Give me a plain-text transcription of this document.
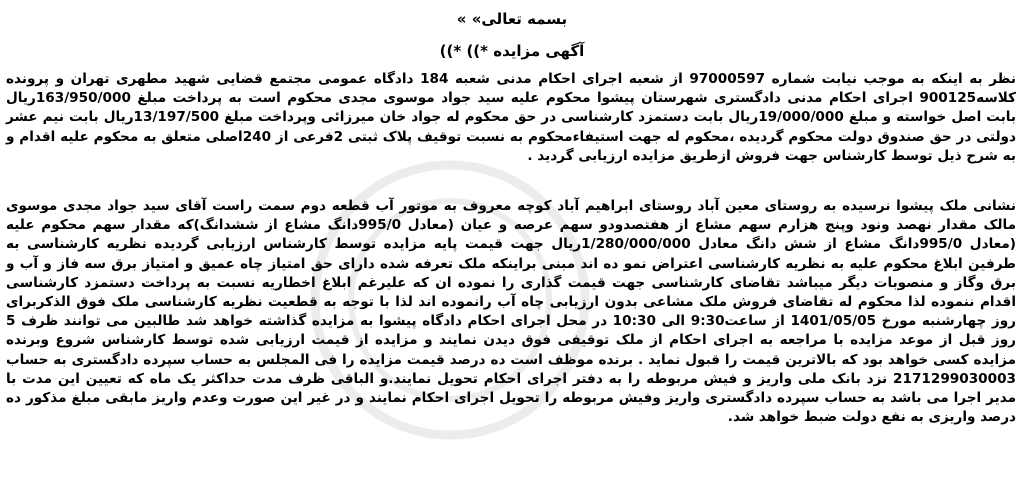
بسمه تعالی» »
آگهی مزایده *)) *))

نظر به اینکه به موجب نیابت شماره 97000597 از شعبه اجرای احکام مدنی شعبه 184 دادگاه عمومی مجتمع قضایی شهید مطهری تهران و پرونده کلاسه900125 اجرای احکام مدنی دادگستری شهرستان پیشوا محکوم علیه سید جواد موسوی مجدی محکوم است به پرداخت مبلغ 163/950/000ریال بابت اصل خواسته و مبلغ 19/000/000ریال بابت دستمزد کارشناسی در حق محکوم له جواد خان میرزائی وپرداخت مبلغ 13/197/500ریال بابت نیم عشر دولتی در حق صندوق دولت محکوم گردیده ،محکوم له جهت استیفاءمحکوم به نسبت توقیف پلاک ثبتی 2فرعی از 240اصلی متعلق به محکوم علیه اقدام و به شرح ذیل توسط کارشناس جهت فروش ازطریق مزایده ارزیابی گردید .

نشانی ملک پیشوا نرسیده به روستای معین آباد روستای ابراهیم آباد کوچه معروف به موتور آب قطعه دوم سمت راست آقای سید جواد مجدی موسوی مالک مقدار نهصد ونود وپنج هزارم سهم مشاع از هفتصدودو سهم عرصه و عیان (معادل 995/0دانگ مشاع از ششدانگ)که مقدار سهم محکوم علیه (معادل 995/0دانگ مشاع از شش دانگ معادل 1/280/000/000ریال جهت قیمت پایه مزایده توسط کارشناس ارزیابی گردیده نظریه کارشناسی به طرفین ابلاغ محکوم علیه به نظریه کارشناسی اعتراض نمو ده اند مبنی براینکه ملک تعرفه شده دارای حق امتیاز چاه عمیق و امتیاز برق سه فاز و آب و برق وگاز و منصوبات دیگر میباشد تقاضای کارشناسی جهت قیمت گذاری را نموده ان که علیرغم ابلاغ اخطاریه نسبت به پرداخت دستمزد کارشناسی اقدام ننموده لذا محکوم له تقاضای فروش ملک مشاعی بدون ارزیابی چاه آب رانموده اند لذا با توجه به قطعیت نظریه کارشناسی ملک فوق الذکربرای روز چهارشنبه مورخ 1401/05/05 از ساعت9:30 الی 10:30 در محل اجرای احکام دادگاه پیشوا به مزایده گذاشته خواهد شد طالبین می توانند ظرف 5 روز قبل از موعد مزایده با مراجعه به اجرای احکام از ملک توقیفی فوق دیدن نمایند و مزایده از قیمت ارزیابی شده توسط کارشناس شروع وبرنده مزایده کسی خواهد بود که بالاترین قیمت را قبول نماید . برنده موظف است ده درصد قیمت مزایده را فی المجلس به حساب سپرده دادگستری به حساب 2171299030003 نزد بانک ملی واریز و فیش مربوطه را به دفتر اجرای احکام تحویل نمایند.و الباقی ظرف مدت حداکثر یک ماه که تعیین این مدت با مدیر اجرا می باشد به حساب سپرده دادگستری واریز وفیش مربوطه را تحویل اجرای احکام نمایند و در غیر این صورت وعدم واریز مابقی مبلغ مذکور ده درصد واریزی به نفع دولت ضبط خواهد شد.
